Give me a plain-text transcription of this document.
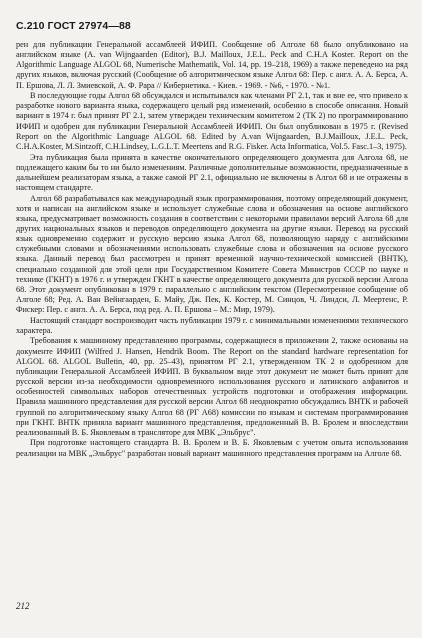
C.210 ГОСТ 27974—88

рен для публикации Генеральной ассамблеей ИФИП. Сообщение об Алголе 68 было опубликовано на английском языке (A. van Wijngaarden (Editor), B.J. Mailloux, J.E.L. Peck and C.H.A Koster. Report on the Algorithmic Language ALGOL 68, Numerische Mathematik, Vol. 14, pp. 19–218, 1969) а также переведено на ряд других языков, включая русский (Сообщение об алгоритмическом языке Алгол 68: Пер. с англ. А. А. Берса, А. П. Ершова, Л. Л. Змиевской, А. Ф. Рара // Кибернетика. - Киев. - 1969. - №6, - 1970. - №1.

В последующие годы Алгол 68 обсуждался и испытывался как членами РГ 2.1, так и вне ее, что привело к разработке нового варианта языка, содержащего целый ряд изменений, особенно в способе описания. Новый вариант в 1974 г. был принят РГ 2.1, затем утвержден техническим комитетом 2 (ТК 2) по программированию ИФИП и одобрен для публикации Генеральной Ассамблеей ИФИП. Он был опубликован в 1975 г. (Revised Report on the Algorithmic Language ALGOL 68. Edited by A.van Wijngaarden, B.J.Mailloux, J.E.L. Peck, C.H.A.Koster, M.Sintzoff, C.H.Lindsey, L.G.L.T. Meertens and R.G. Fisker. Acta Informatica, Vol.5. Fasc.1–3, 1975).

Эта публикация была принята в качестве окончательного определяющего документа для Алгола 68, не подлежащего каким бы то ни было изменениям. Различные дополнительные возможности, предназначенные в дальнейшем реализаторам языка, а также самой РГ 2.1, официально не включены в Алгол 68 и не отражены в настоящем стандарте.

Алгол 68 разрабатывался как международный язык программирования, поэтому определяющий документ, хотя и написан на английском языке и использует служебные слова и обозначения на основе английского языка, предусматривает возможность создания в соответствии с некоторыми правилами версий Алгола 68 для других национальных языков и переводов определяющего документа на другие языки. Перевод на русский язык одновременно содержит и русскую версию языка Алгол 68, позволяющую наряду с английскими служебными словами и обозначениями использовать служебные слова и обозначения на основе русского языка. Данный перевод был рассмотрен и принят временной научно-технической комиссией (ВНТК), специально созданной для этой цели при Государственном Комитете Совета Министров СССР по науке и технике (ГКНТ) в 1976 г. и утвержден ГКНТ в качестве определяющего документа для русской версии Алгола 68. Этот документ опубликован в 1979 г. параллельно с английским текстом (Пересмотренное сообщение об Алголе 68; Ред. А. Ван Вейнгаарден, Б. Майу, Дж. Пек, К. Костер, М. Синцов, Ч. Линдси, Л. Меертенс, Р. Фискер: Пер. с англ. А. А. Берса, под ред. А. П. Ершова – М.: Мир, 1979).

Настоящий стандарт воспроизводит часть публикации 1979 г. с минимальными изменениями технического характера.

Требования к машинному представлению программы, содержащиеся в приложении 2, также основаны на документе ИФИП (Wilfred J. Hansen, Hendrik Boom. The Report on the standard hardware representation for ALGOL 68. ALGOL Bulletin, 40, pp. 25–43), принятом РГ 2.1, утвержденном ТК 2 и одобренном для публикации Генеральной Ассамблеей ИФИП. В буквальном виде этот документ не может быть принят для русской версии из-за необходимости одновременного использования русского и латинского алфавитов и особенностей символьных наборов отечественных устройств подготовки и отображения информации. Правила машинного представления для русской версии Алгол 68 неоднократно обсуждались ВНТК и рабочей группой по алгоритмическому языку Алгол 68 (РГ А68) комиссии по языкам и системам программирования при ГКНТ. ВНТК приняла вариант машинного представления, предложенный В. В. Бролем и впоследствии реализованный В. Б. Яковлевым в трансляторе для МВК „Эльбрус".

При подготовке настоящего стандарта В. В. Бролем и В. Б. Яковлевым с учетом опыта использования реализации на МВК „Эльбрус" разработан новый вариант машинного представления программ на Алголе 68.

212
